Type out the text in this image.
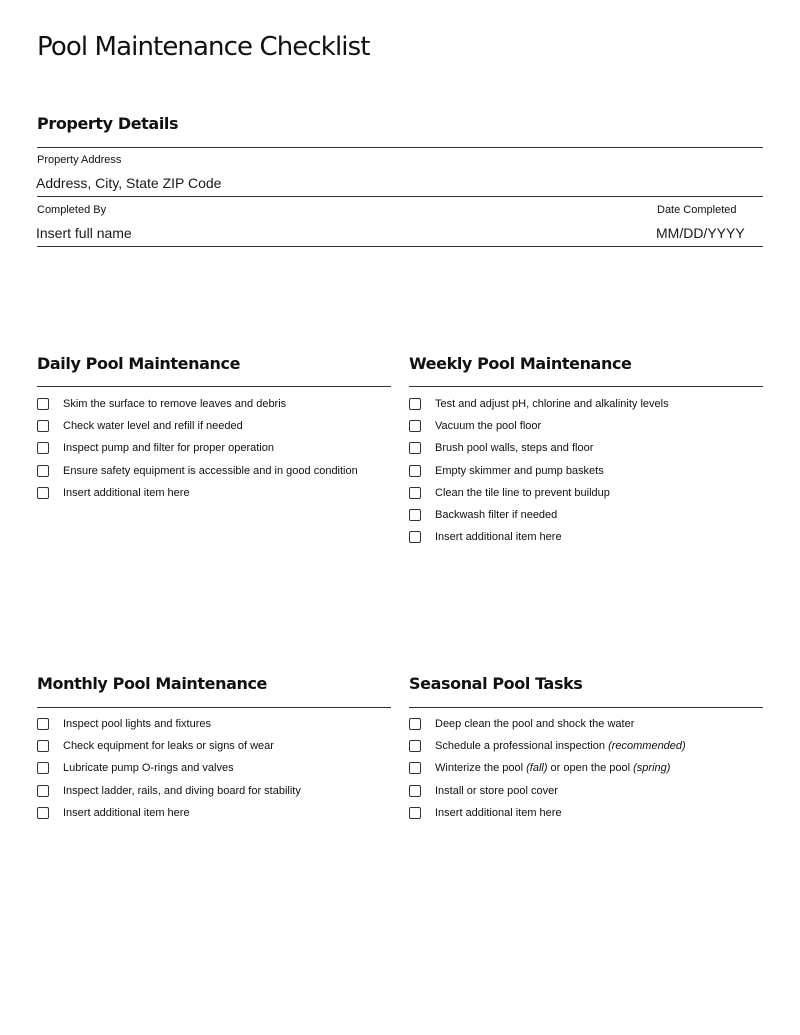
Pool Maintenance Checklist
Property Details
Property Address
Address, City, State ZIP Code
Completed By
Insert full name
Date Completed
MM/DD/YYYY
Daily Pool Maintenance
Skim the surface to remove leaves and debris
Check water level and refill if needed
Inspect pump and filter for proper operation
Ensure safety equipment is accessible and in good condition
Insert additional item here
Weekly Pool Maintenance
Test and adjust pH, chlorine and alkalinity levels
Vacuum the pool floor
Brush pool walls, steps and floor
Empty skimmer and pump baskets
Clean the tile line to prevent buildup
Backwash filter if needed
Insert additional item here
Monthly Pool Maintenance
Inspect pool lights and fixtures
Check equipment for leaks or signs of wear
Lubricate pump O-rings and valves
Inspect ladder, rails, and diving board for stability
Insert additional item here
Seasonal Pool Tasks
Deep clean the pool and shock the water
Schedule a professional inspection (recommended)
Winterize the pool (fall) or open the pool (spring)
Install or store pool cover
Insert additional item here
